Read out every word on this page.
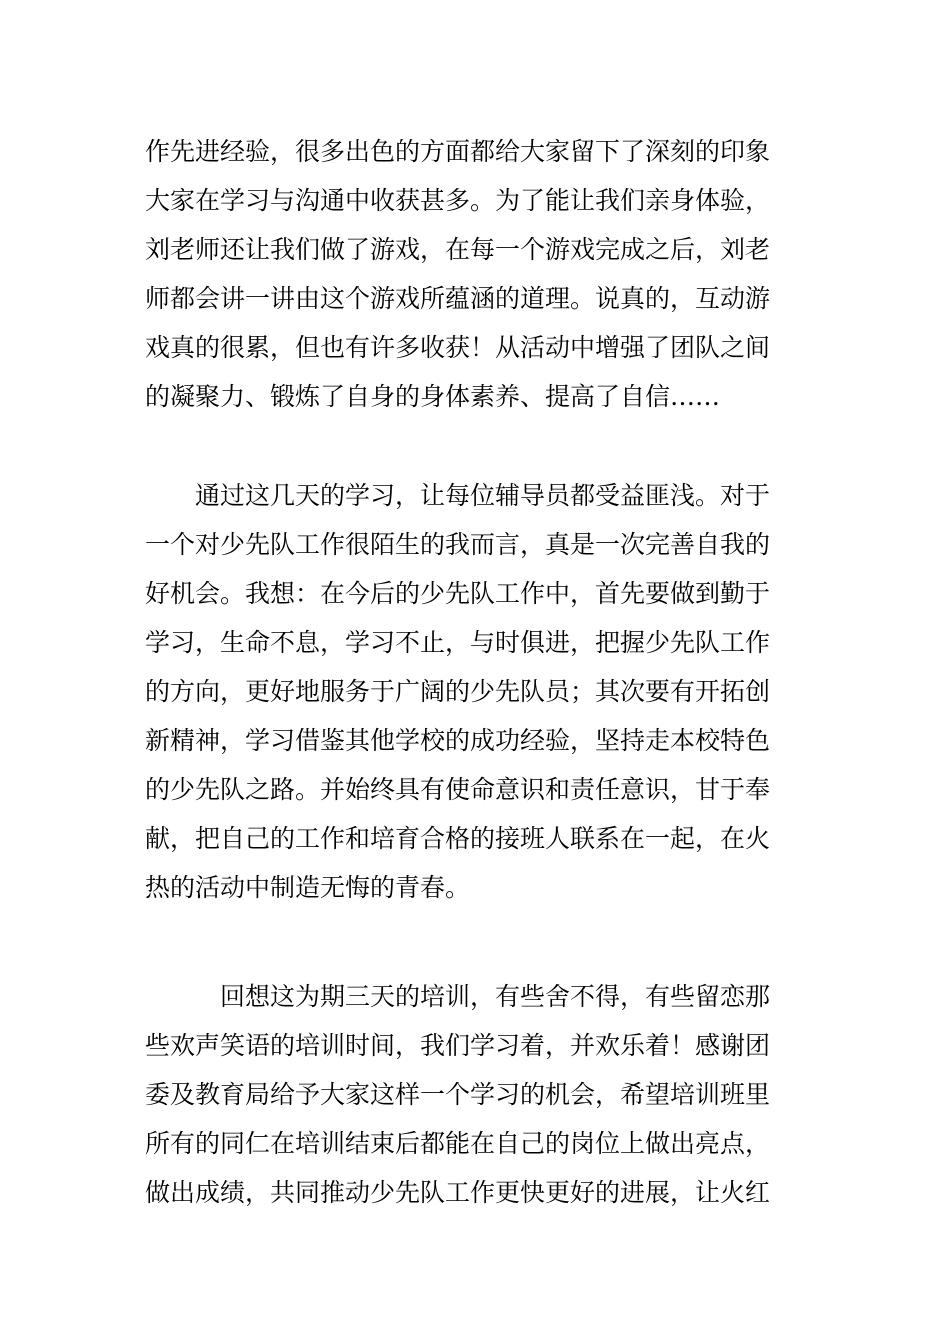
作先进经验，很多出色的方面都给大家留下了深刻的印象
大家在学习与沟通中收获甚多。为了能让我们亲身体验，
刘老师还让我们做了游戏，在每一个游戏完成之后，刘老
师都会讲一讲由这个游戏所蕴涵的道理。说真的，互动游
戏真的很累，但也有许多收获！从活动中增强了团队之间
的凝聚力、锻炼了自身的身体素养、提高了自信……
　　通过这几天的学习，让每位辅导员都受益匪浅。对于
一个对少先队工作很陌生的我而言，真是一次完善自我的
好机会。我想：在今后的少先队工作中，首先要做到勤于
学习，生命不息，学习不止，与时俱进，把握少先队工作
的方向，更好地服务于广阔的少先队员；其次要有开拓创
新精神，学习借鉴其他学校的成功经验，坚持走本校特色
的少先队之路。并始终具有使命意识和责任意识，甘于奉
献，把自己的工作和培育合格的接班人联系在一起，在火
热的活动中制造无悔的青春。
　　　回想这为期三天的培训，有些舍不得，有些留恋那
些欢声笑语的培训时间，我们学习着，并欢乐着！感谢团
委及教育局给予大家这样一个学习的机会，希望培训班里
所有的同仁在培训结束后都能在自己的岗位上做出亮点，
做出成绩，共同推动少先队工作更快更好的进展，让火红
